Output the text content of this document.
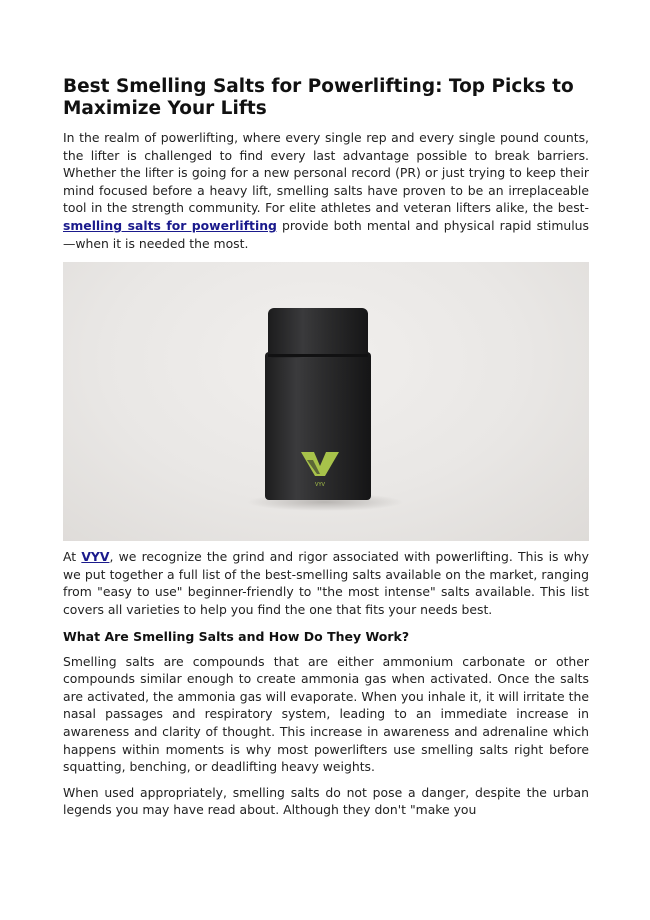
Best Smelling Salts for Powerlifting: Top Picks to Maximize Your Lifts

In the realm of powerlifting, where every single rep and every single pound counts, the lifter is challenged to find every last advantage possible to break barriers. Whether the lifter is going for a new personal record (PR) or just trying to keep their mind focused before a heavy lift, smelling salts have proven to be an irreplaceable tool in the strength community. For elite athletes and veteran lifters alike, the best-smelling salts for powerlifting provide both mental and physical rapid stimulus—when it is needed the most.

VYV

At VYV, we recognize the grind and rigor associated with powerlifting. This is why we put together a full list of the best-smelling salts available on the market, ranging from "easy to use" beginner-friendly to "the most intense" salts available. This list covers all varieties to help you find the one that fits your needs best.

What Are Smelling Salts and How Do They Work?

Smelling salts are compounds that are either ammonium carbonate or other compounds similar enough to create ammonia gas when activated. Once the salts are activated, the ammonia gas will evaporate. When you inhale it, it will irritate the nasal passages and respiratory system, leading to an immediate increase in awareness and clarity of thought. This increase in awareness and adrenaline which happens within moments is why most powerlifters use smelling salts right before squatting, benching, or deadlifting heavy weights.

When used appropriately, smelling salts do not pose a danger, despite the urban legends you may have read about. Although they don't "make you
